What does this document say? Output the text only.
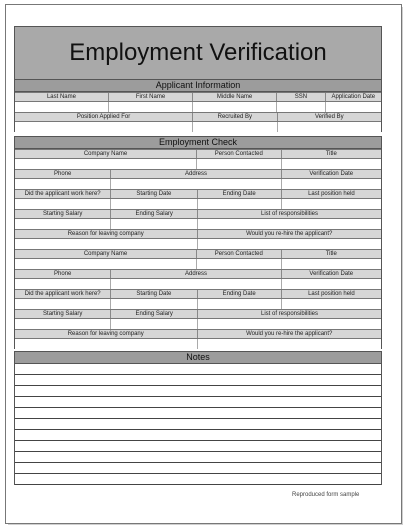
Employment Verification
Applicant Information
Last Name	First Name	Middle Name	SSN	Application Date
Position Applied For	Recruited By	Verified By
Employment Check
Company Name	Person Contacted	Title
Phone	Address	Verification Date
Did the applicant work here?	Starting Date	Ending Date	Last position held
Starting Salary	Ending Salary	List of responsibilities
Reason for leaving company	Would you re-hire the applicant?
Company Name	Person Contacted	Title
Phone	Address	Verification Date
Did the applicant work here?	Starting Date	Ending Date	Last position held
Starting Salary	Ending Salary	List of responsibilities
Reason for leaving company	Would you re-hire the applicant?
Notes
Reproduced form sample
